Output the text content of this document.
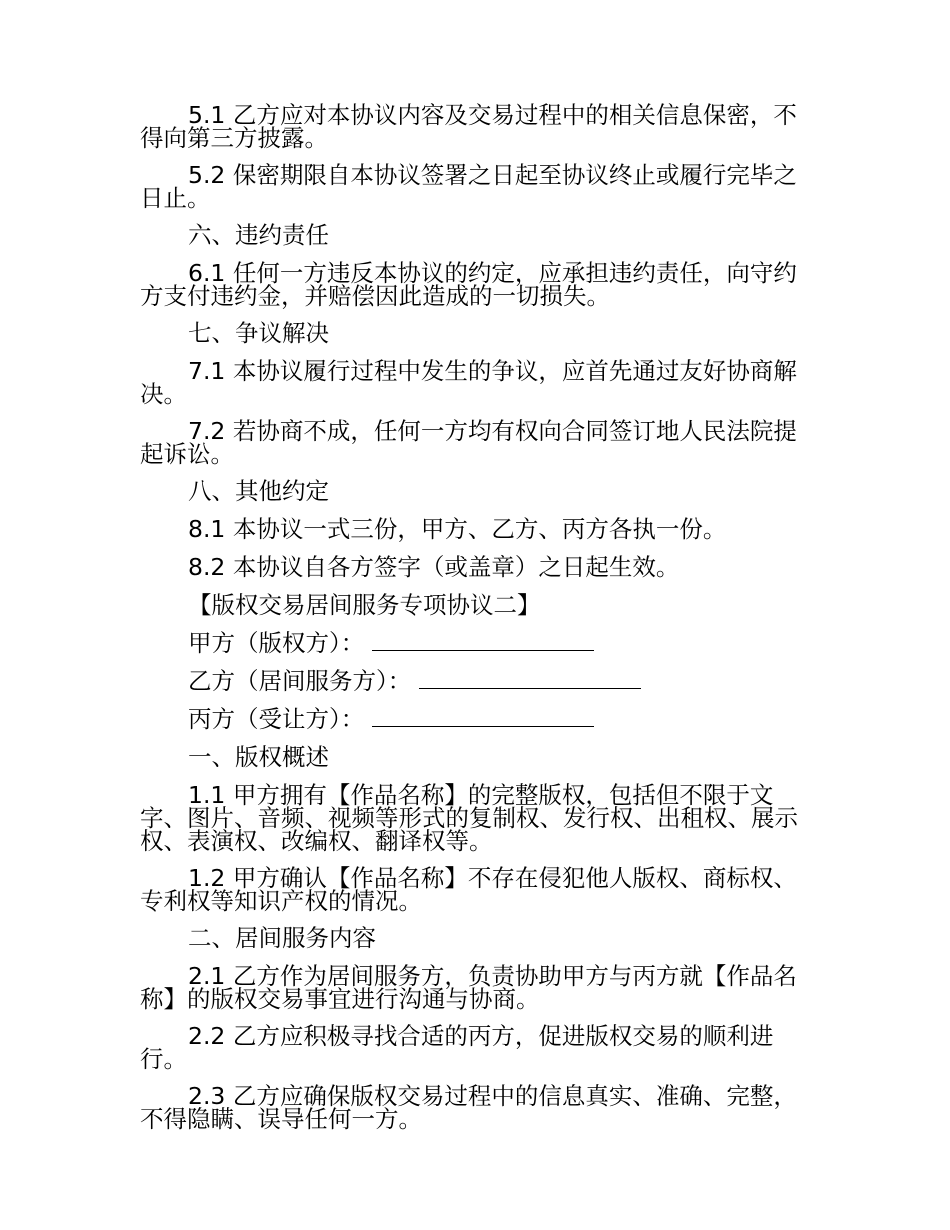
5.1 乙方应对本协议内容及交易过程中的相关信息保密，不得向第三方披露。

5.2 保密期限自本协议签署之日起至协议终止或履行完毕之日止。

六、违约责任

6.1 任何一方违反本协议的约定，应承担违约责任，向守约方支付违约金，并赔偿因此造成的一切损失。

七、争议解决

7.1 本协议履行过程中发生的争议，应首先通过友好协商解决。

7.2 若协商不成，任何一方均有权向合同签订地人民法院提起诉讼。

八、其他约定

8.1 本协议一式三份，甲方、乙方、丙方各执一份。

8.2 本协议自各方签字（或盖章）之日起生效。

【版权交易居间服务专项协议二】

甲方（版权方）：
乙方（居间服务方）：
丙方（受让方）：

一、版权概述

1.1 甲方拥有【作品名称】的完整版权，包括但不限于文字、图片、音频、视频等形式的复制权、发行权、出租权、展示权、表演权、改编权、翻译权等。

1.2 甲方确认【作品名称】不存在侵犯他人版权、商标权、专利权等知识产权的情况。

二、居间服务内容

2.1 乙方作为居间服务方，负责协助甲方与丙方就【作品名称】的版权交易事宜进行沟通与协商。

2.2 乙方应积极寻找合适的丙方，促进版权交易的顺利进行。

2.3 乙方应确保版权交易过程中的信息真实、准确、完整，不得隐瞒、误导任何一方。
